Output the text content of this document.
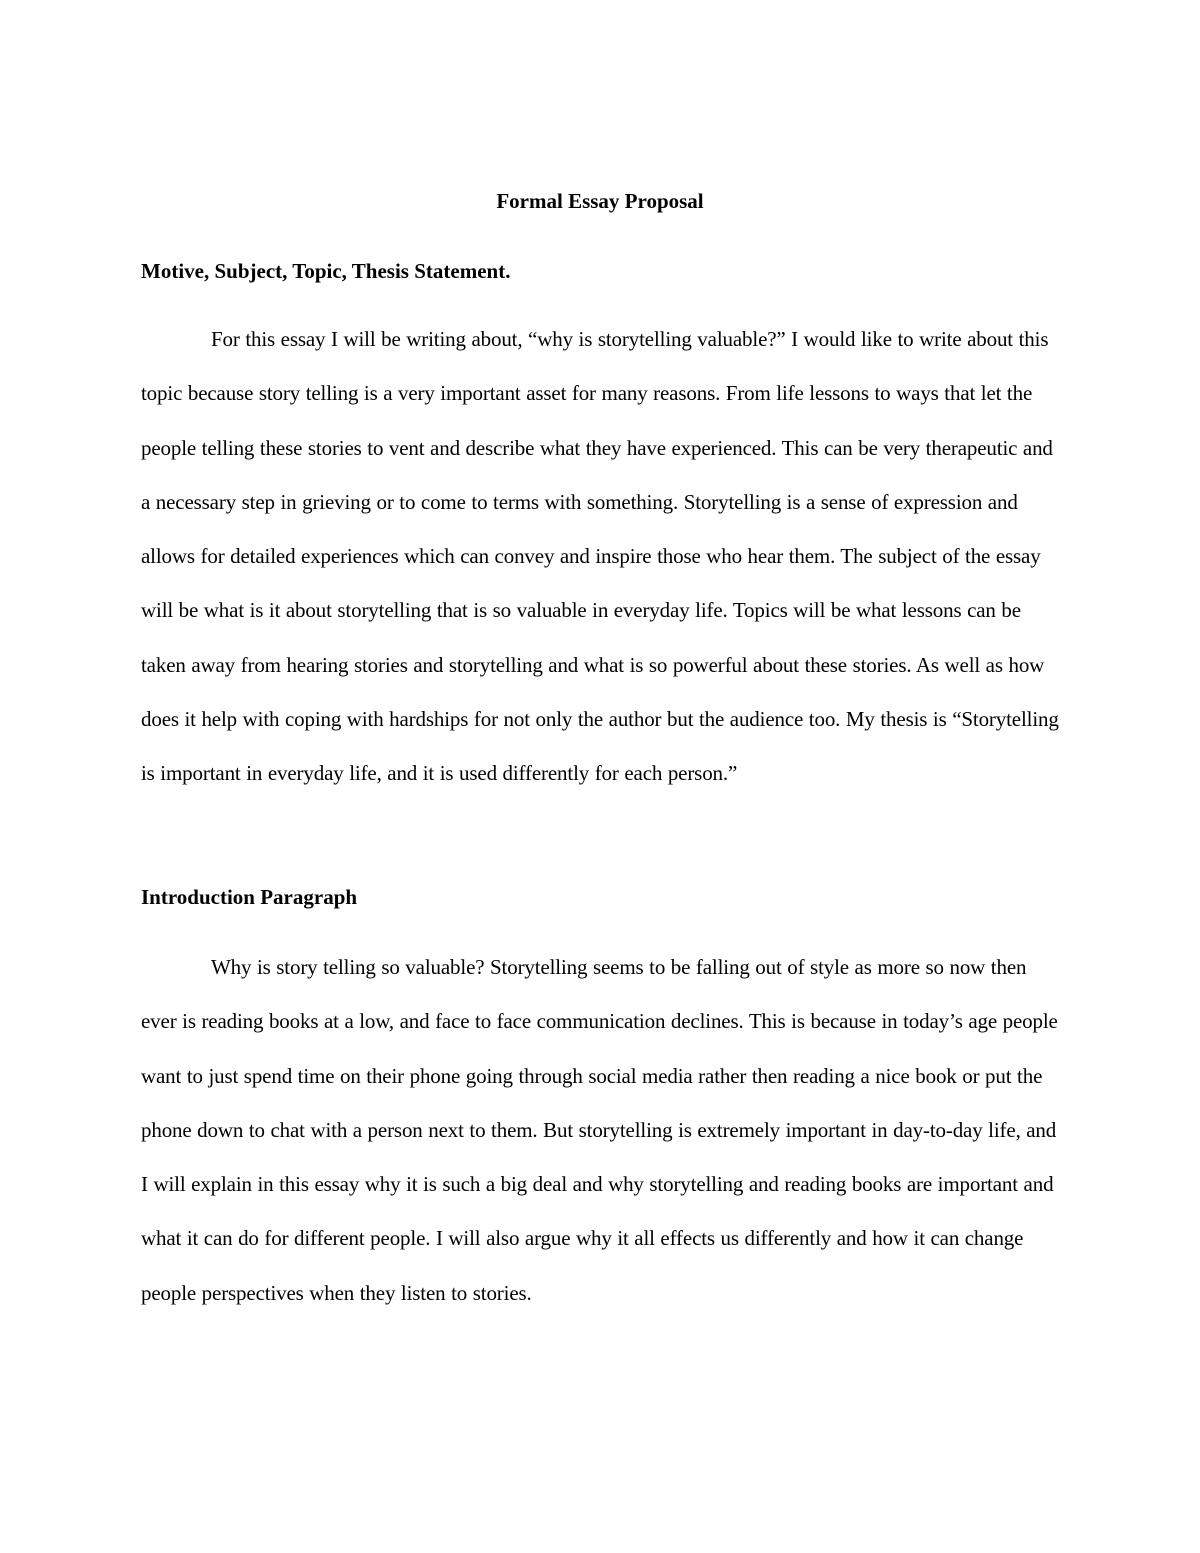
Formal Essay Proposal
Motive, Subject, Topic, Thesis Statement.

For this essay I will be writing about, “why is storytelling valuable?” I would like to write about this topic because story telling is a very important asset for many reasons. From life lessons to ways that let the people telling these stories to vent and describe what they have experienced. This can be very therapeutic and a necessary step in grieving or to come to terms with something. Storytelling is a sense of expression and allows for detailed experiences which can convey and inspire those who hear them. The subject of the essay will be what is it about storytelling that is so valuable in everyday life. Topics will be what lessons can be taken away from hearing stories and storytelling and what is so powerful about these stories. As well as how does it help with coping with hardships for not only the author but the audience too. My thesis is “Storytelling is important in everyday life, and it is used differently for each person.”

Introduction Paragraph

Why is story telling so valuable? Storytelling seems to be falling out of style as more so now then ever is reading books at a low, and face to face communication declines. This is because in today’s age people want to just spend time on their phone going through social media rather then reading a nice book or put the phone down to chat with a person next to them. But storytelling is extremely important in day-to-day life, and I will explain in this essay why it is such a big deal and why storytelling and reading books are important and what it can do for different people. I will also argue why it all effects us differently and how it can change people perspectives when they listen to stories.
